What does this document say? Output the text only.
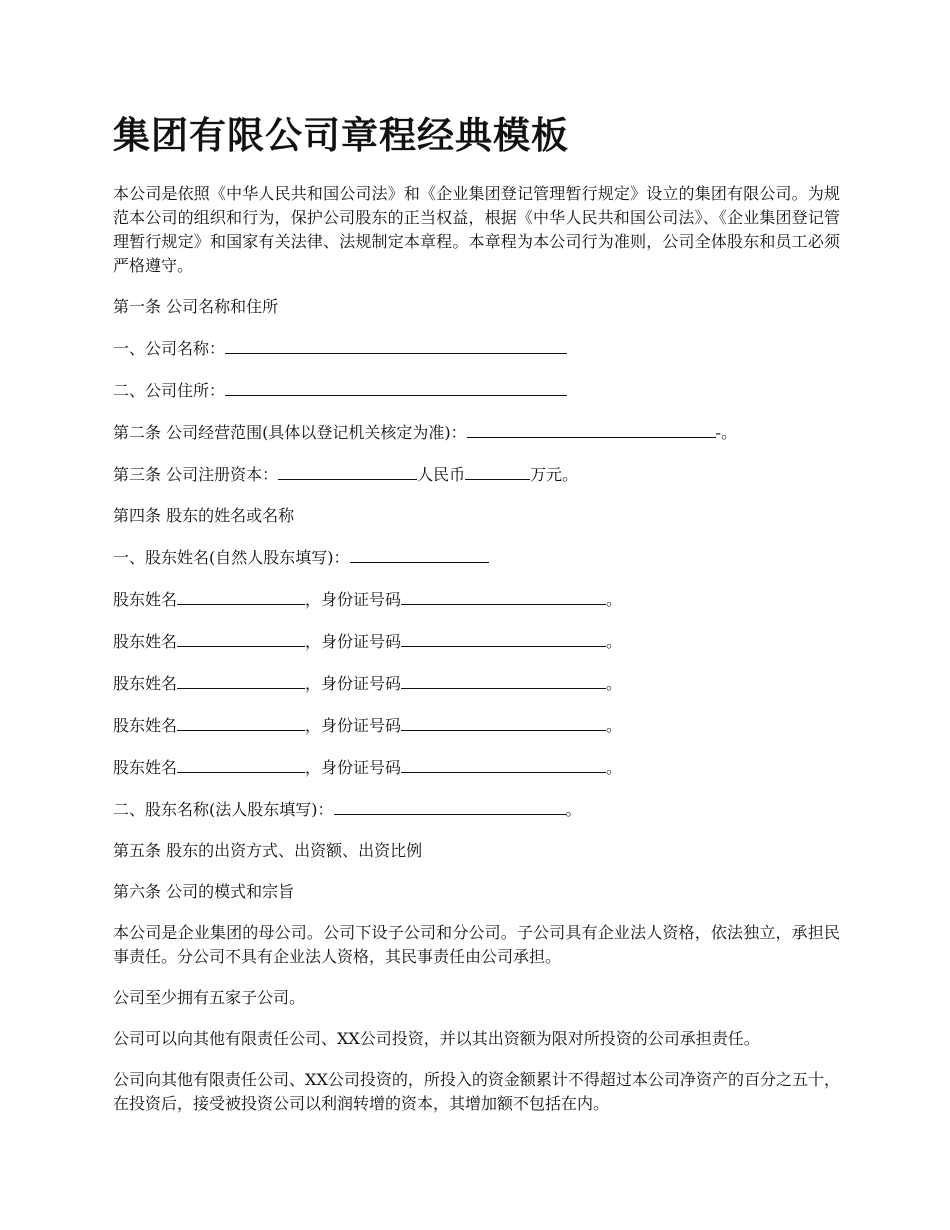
集团有限公司章程经典模板

本公司是依照《中华人民共和国公司法》和《企业集团登记管理暂行规定》设立的集团有限公司。为规范本公司的组织和行为，保护公司股东的正当权益，根据《中华人民共和国公司法》、《企业集团登记管理暂行规定》和国家有关法律、法规制定本章程。本章程为本公司行为准则，公司全体股东和员工必须严格遵守。

第一条 公司名称和住所

一、公司名称：

二、公司住所：

第二条 公司经营范围(具体以登记机关核定为准)：	-。

第三条 公司注册资本：	人民币	万元。

第四条 股东的姓名或名称

一、股东姓名(自然人股东填写)：

股东姓名	，身份证号码	。

股东姓名	，身份证号码	。

股东姓名	，身份证号码	。

股东姓名	，身份证号码	。

股东姓名	，身份证号码	。

二、股东名称(法人股东填写)：	。

第五条 股东的出资方式、出资额、出资比例

第六条 公司的模式和宗旨

本公司是企业集团的母公司。公司下设子公司和分公司。子公司具有企业法人资格，依法独立，承担民事责任。分公司不具有企业法人资格，其民事责任由公司承担。

公司至少拥有五家子公司。

公司可以向其他有限责任公司、XX公司投资，并以其出资额为限对所投资的公司承担责任。

公司向其他有限责任公司、XX公司投资的，所投入的资金额累计不得超过本公司净资产的百分之五十，在投资后，接受被投资公司以利润转增的资本，其增加额不包括在内。
